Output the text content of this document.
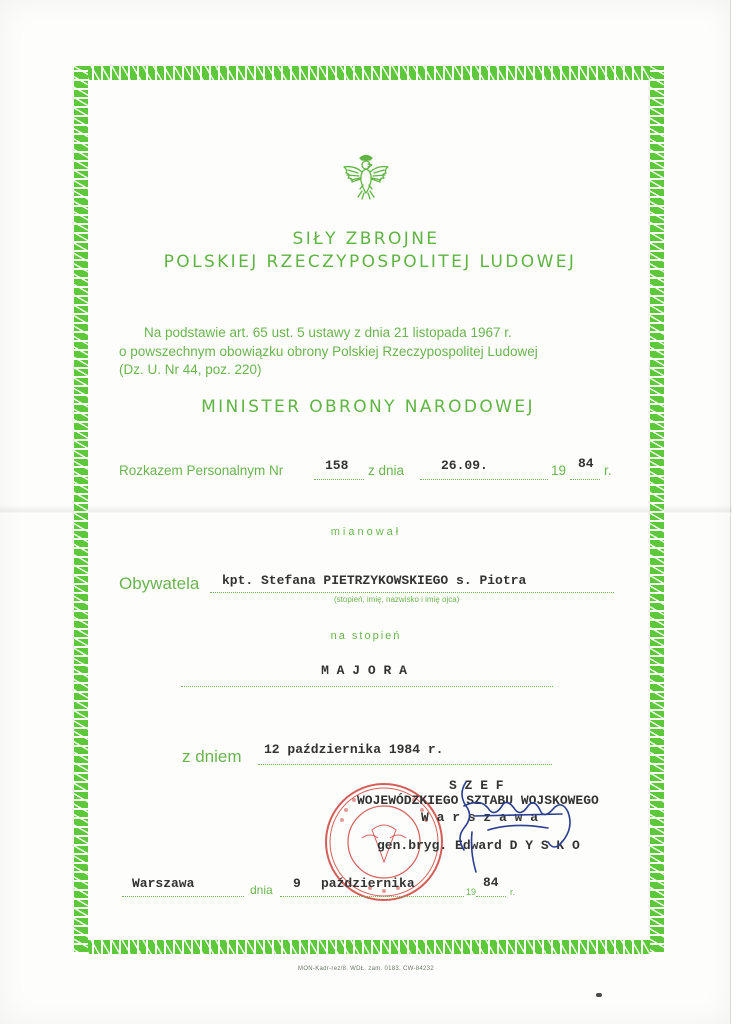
SIŁY ZBROJNE
POLSKIEJ RZECZYPOSPOLITEJ LUDOWEJ
Na podstawie art. 65 ust. 5 ustawy z dnia 21 listopada 1967 r.
o powszechnym obowiązku obrony Polskiej Rzeczypospolitej Ludowej
(Dz. U. Nr 44, poz. 220)
MINISTER OBRONY NARODOWEJ
Rozkazem Personalnym Nr	158 z dnia	26.09.	19 84 r.
mianował
Obywatela kpt. Stefana PIETRZYKOWSKIEGO s. Piotra
(stopień, imię, nazwisko i imię ojca)
na stopień
M A J O R A
z dniem 12 października 1984 r.
S Z E F
WOJEWÓDZKIEGO SZTABU WOJSKOWEGO
W a r s z a w a
gen.bryg. Edward D Y S K O
Warszawa	dnia 9 października
19
84
r.
MON-Kadr-rez/8. WDŁ. zam. 0183. CW-84232
